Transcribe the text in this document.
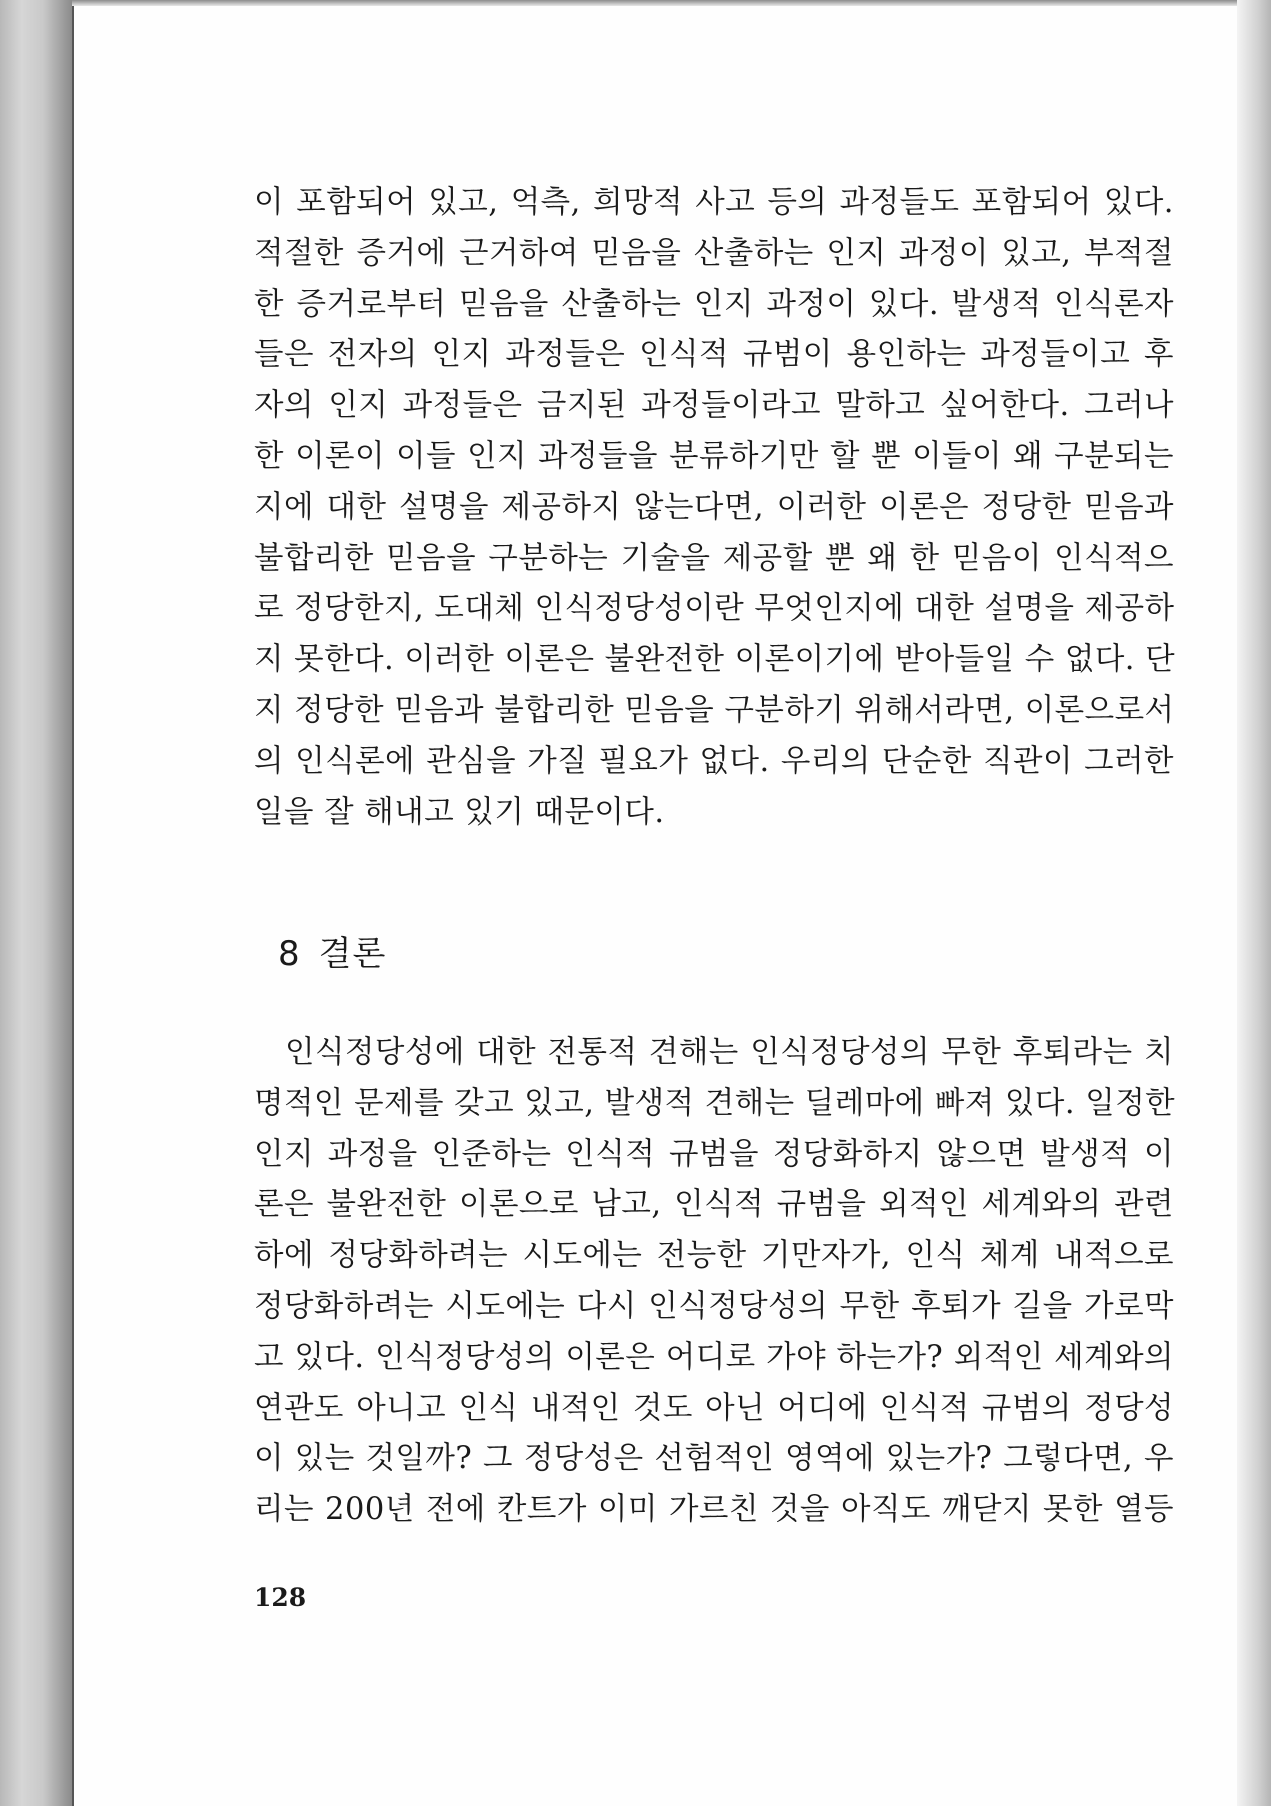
이 포함되어 있고, 억측, 희망적 사고 등의 과정들도 포함되어 있다.
적절한 증거에 근거하여 믿음을 산출하는 인지 과정이 있고, 부적절
한 증거로부터 믿음을 산출하는 인지 과정이 있다. 발생적 인식론자
들은 전자의 인지 과정들은 인식적 규범이 용인하는 과정들이고 후
자의 인지 과정들은 금지된 과정들이라고 말하고 싶어한다. 그러나
한 이론이 이들 인지 과정들을 분류하기만 할 뿐 이들이 왜 구분되는
지에 대한 설명을 제공하지 않는다면, 이러한 이론은 정당한 믿음과
불합리한 믿음을 구분하는 기술을 제공할 뿐 왜 한 믿음이 인식적으
로 정당한지, 도대체 인식정당성이란 무엇인지에 대한 설명을 제공하
지 못한다. 이러한 이론은 불완전한 이론이기에 받아들일 수 없다. 단
지 정당한 믿음과 불합리한 믿음을 구분하기 위해서라면, 이론으로서
의 인식론에 관심을 가질 필요가 없다. 우리의 단순한 직관이 그러한
일을 잘 해내고 있기 때문이다.
8 결론
인식정당성에 대한 전통적 견해는 인식정당성의 무한 후퇴라는 치
명적인 문제를 갖고 있고, 발생적 견해는 딜레마에 빠져 있다. 일정한
인지 과정을 인준하는 인식적 규범을 정당화하지 않으면 발생적 이
론은 불완전한 이론으로 남고, 인식적 규범을 외적인 세계와의 관련
하에 정당화하려는 시도에는 전능한 기만자가, 인식 체계 내적으로
정당화하려는 시도에는 다시 인식정당성의 무한 후퇴가 길을 가로막
고 있다. 인식정당성의 이론은 어디로 가야 하는가? 외적인 세계와의
연관도 아니고 인식 내적인 것도 아닌 어디에 인식적 규범의 정당성
이 있는 것일까? 그 정당성은 선험적인 영역에 있는가? 그렇다면, 우
리는 200년 전에 칸트가 이미 가르친 것을 아직도 깨닫지 못한 열등
128
